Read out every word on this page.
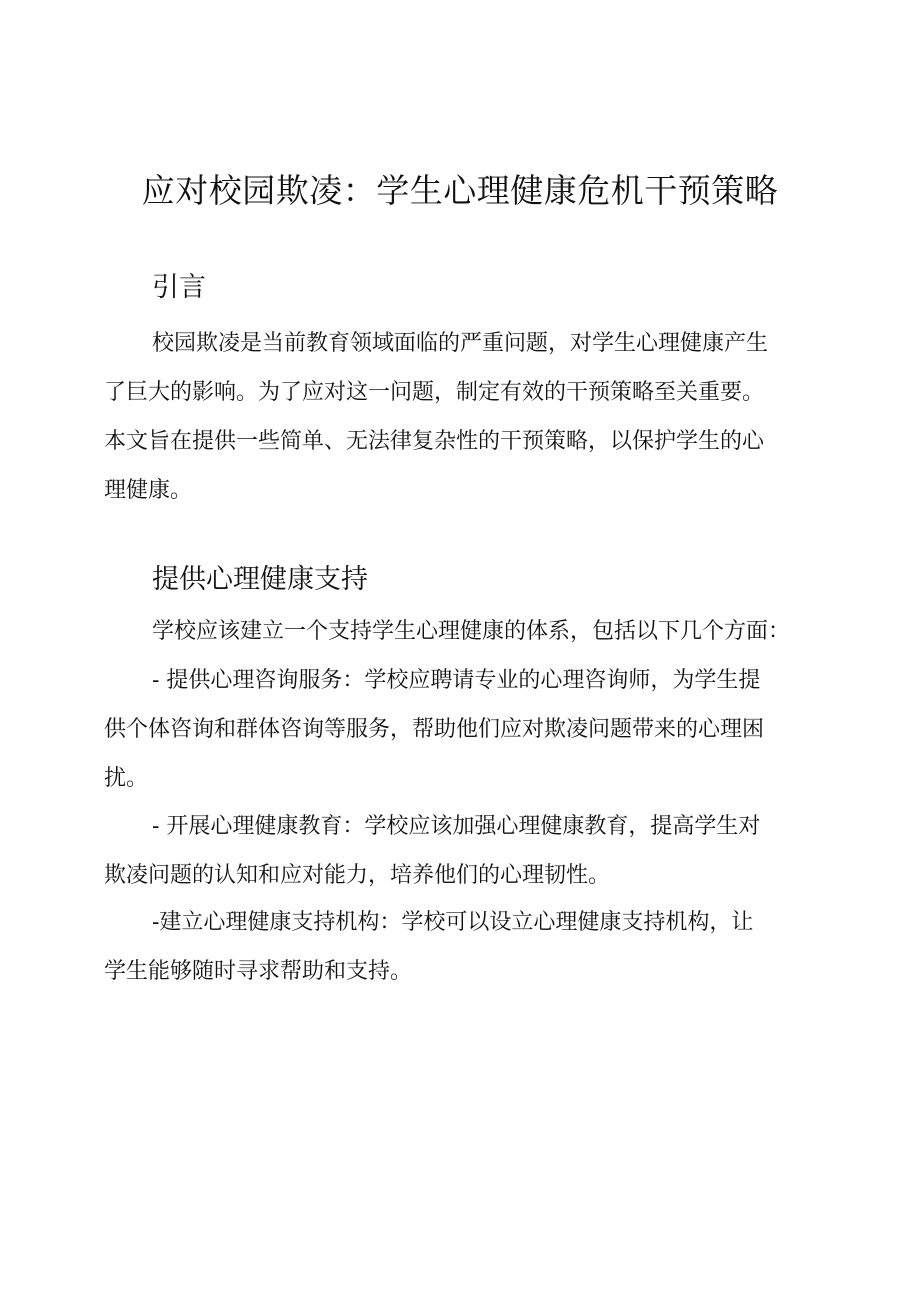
应对校园欺凌：学生心理健康危机干预策略
引言

校园欺凌是当前教育领域面临的严重问题，对学生心理健康产生
了巨大的影响。为了应对这一问题，制定有效的干预策略至关重要。
本文旨在提供一些简单、无法律复杂性的干预策略，以保护学生的心
理健康。

提供心理健康支持

学校应该建立一个支持学生心理健康的体系，包括以下几个方面：

- 提供心理咨询服务：学校应聘请专业的心理咨询师，为学生提
供个体咨询和群体咨询等服务，帮助他们应对欺凌问题带来的心理困
扰。

- 开展心理健康教育：学校应该加强心理健康教育，提高学生对
欺凌问题的认知和应对能力，培养他们的心理韧性。

-建立心理健康支持机构：学校可以设立心理健康支持机构，让
学生能够随时寻求帮助和支持。
